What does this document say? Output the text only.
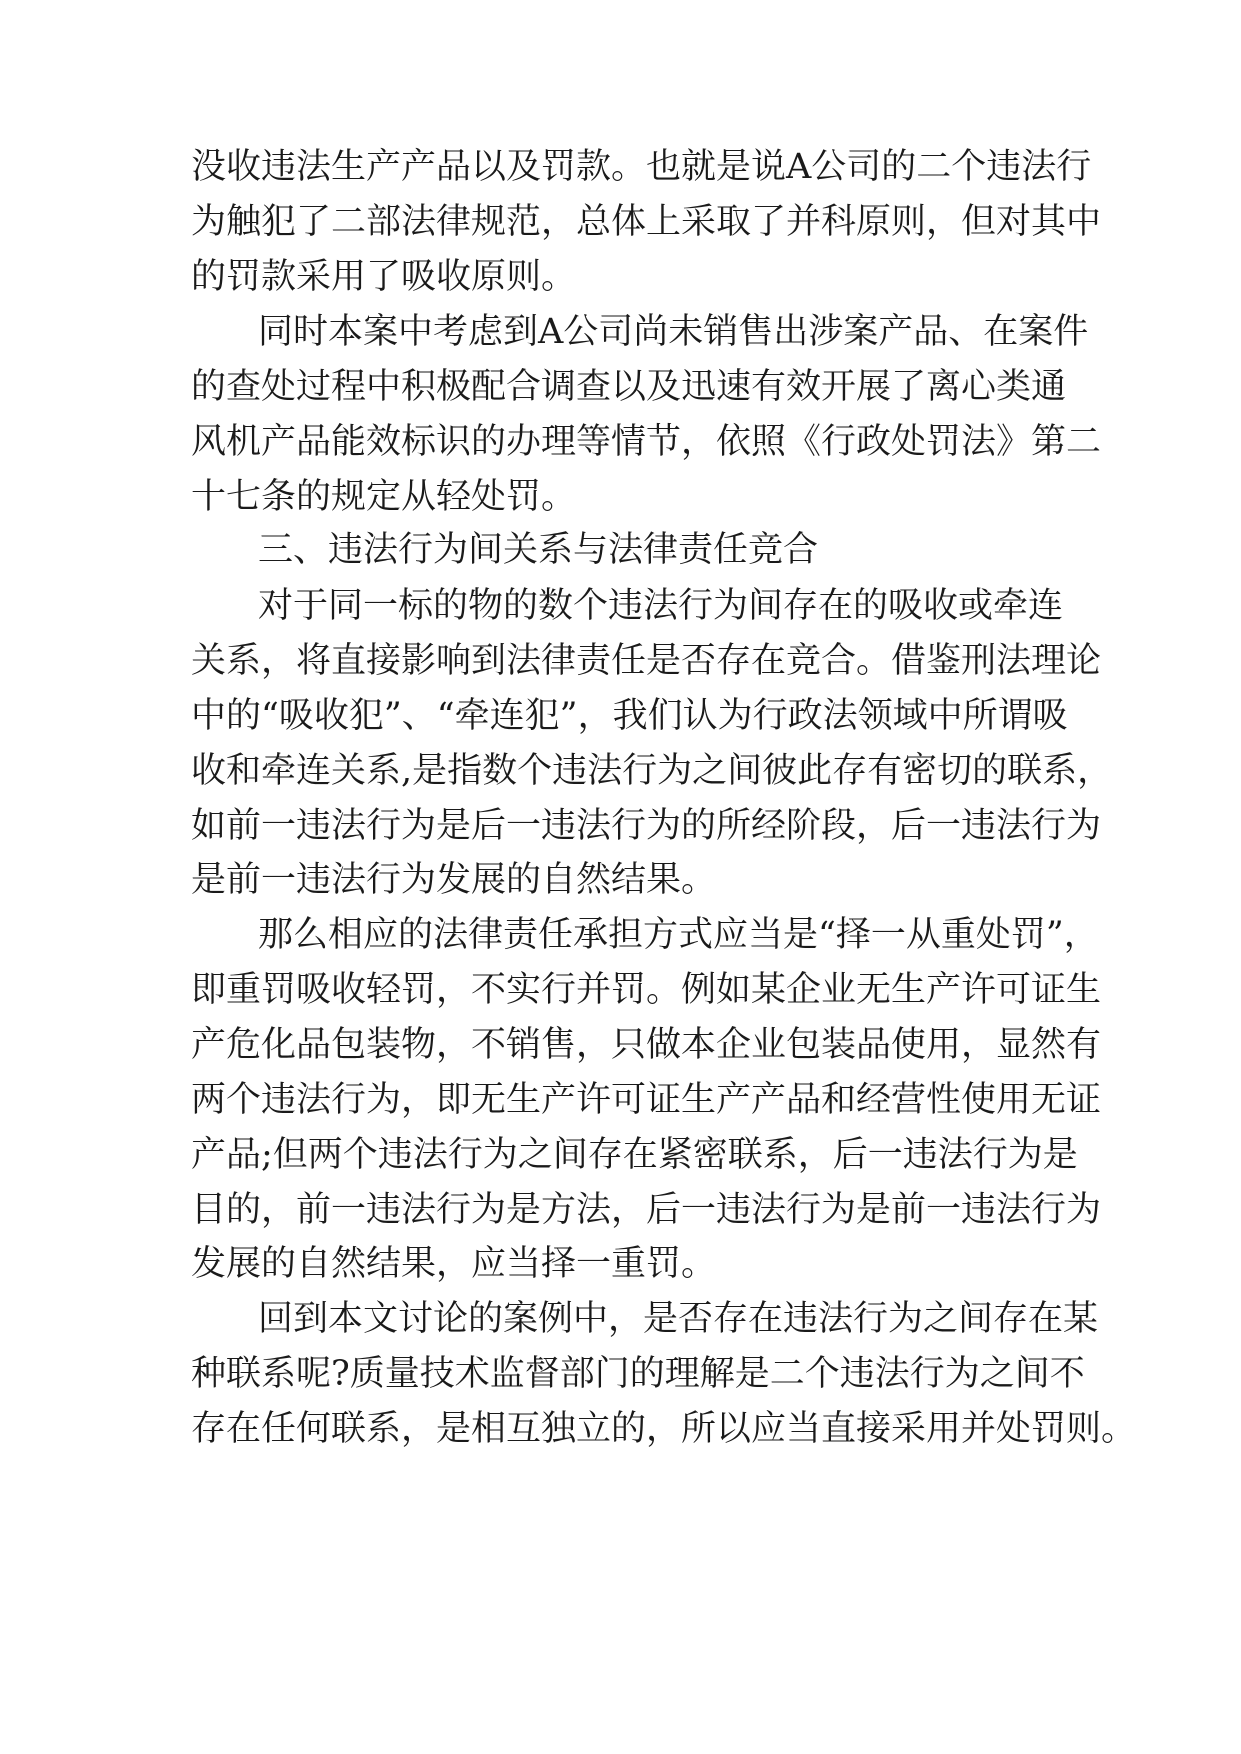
没收违法生产产品以及罚款。也就是说A公司的二个违法行
为触犯了二部法律规范，总体上采取了并科原则，但对其中
的罚款采用了吸收原则。
同时本案中考虑到A公司尚未销售出涉案产品、在案件
的查处过程中积极配合调查以及迅速有效开展了离心类通
风机产品能效标识的办理等情节，依照《行政处罚法》第二
十七条的规定从轻处罚。
三、违法行为间关系与法律责任竞合
对于同一标的物的数个违法行为间存在的吸收或牵连
关系，将直接影响到法律责任是否存在竞合。借鉴刑法理论
中的“吸收犯”、“牵连犯”，我们认为行政法领域中所谓吸
收和牵连关系,是指数个违法行为之间彼此存有密切的联系，
如前一违法行为是后一违法行为的所经阶段，后一违法行为
是前一违法行为发展的自然结果。
那么相应的法律责任承担方式应当是“择一从重处罚”，
即重罚吸收轻罚，不实行并罚。例如某企业无生产许可证生
产危化品包装物，不销售，只做本企业包装品使用，显然有
两个违法行为，即无生产许可证生产产品和经营性使用无证
产品;但两个违法行为之间存在紧密联系，后一违法行为是
目的，前一违法行为是方法，后一违法行为是前一违法行为
发展的自然结果，应当择一重罚。
回到本文讨论的案例中，是否存在违法行为之间存在某
种联系呢?质量技术监督部门的理解是二个违法行为之间不
存在任何联系，是相互独立的，所以应当直接采用并处罚则。
